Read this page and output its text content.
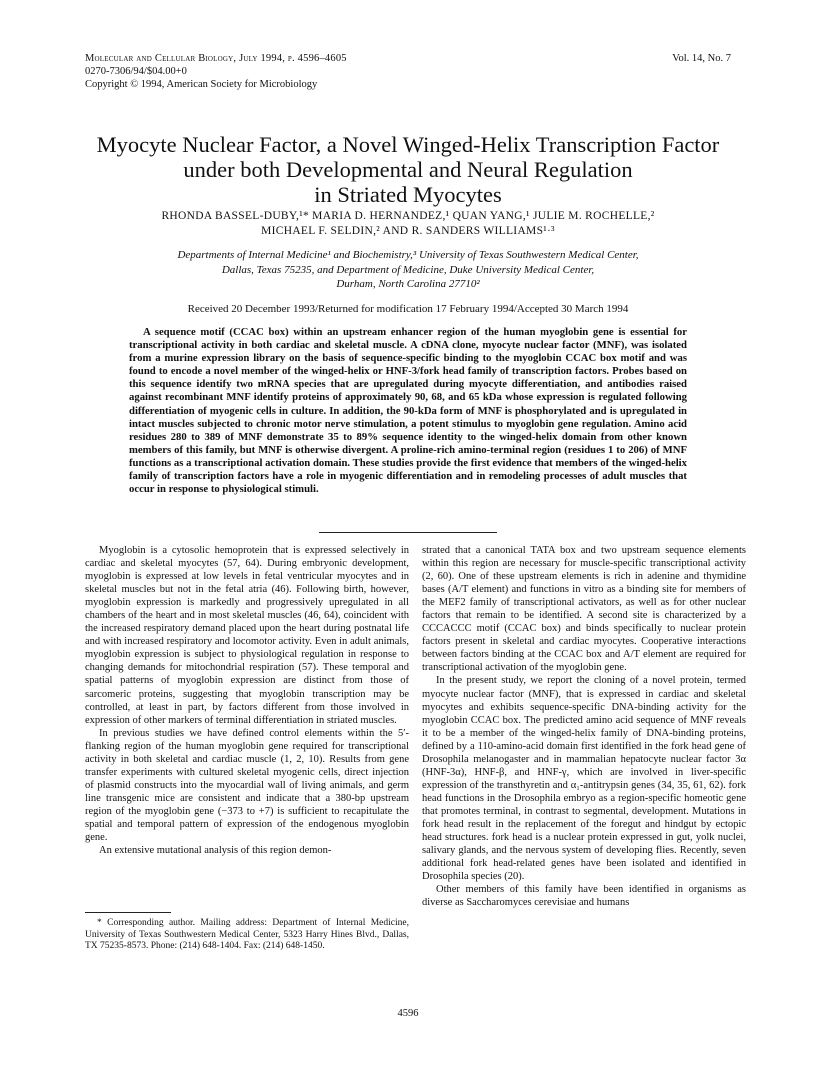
Molecular and Cellular Biology, July 1994, p. 4596–4605
0270-7306/94/$04.00+0
Copyright © 1994, American Society for Microbiology
Vol. 14, No. 7
Myocyte Nuclear Factor, a Novel Winged-Helix Transcription Factor
under both Developmental and Neural Regulation
in Striated Myocytes
RHONDA BASSEL-DUBY,¹* MARIA D. HERNANDEZ,¹ QUAN YANG,¹ JULIE M. ROCHELLE,²
MICHAEL F. SELDIN,² AND R. SANDERS WILLIAMS¹·³
Departments of Internal Medicine¹ and Biochemistry,³ University of Texas Southwestern Medical Center,
Dallas, Texas 75235, and Department of Medicine, Duke University Medical Center,
Durham, North Carolina 27710²
Received 20 December 1993/Returned for modification 17 February 1994/Accepted 30 March 1994
A sequence motif (CCAC box) within an upstream enhancer region of the human myoglobin gene is essential for transcriptional activity in both cardiac and skeletal muscle. A cDNA clone, myocyte nuclear factor (MNF), was isolated from a murine expression library on the basis of sequence-specific binding to the myoglobin CCAC box motif and was found to encode a novel member of the winged-helix or HNF-3/fork head family of transcription factors. Probes based on this sequence identify two mRNA species that are upregulated during myocyte differentiation, and antibodies raised against recombinant MNF identify proteins of approximately 90, 68, and 65 kDa whose expression is regulated following differentiation of myogenic cells in culture. In addition, the 90-kDa form of MNF is phosphorylated and is upregulated in intact muscles subjected to chronic motor nerve stimulation, a potent stimulus to myoglobin gene regulation. Amino acid residues 280 to 389 of MNF demonstrate 35 to 89% sequence identity to the winged-helix domain from other known members of this family, but MNF is otherwise divergent. A proline-rich amino-terminal region (residues 1 to 206) of MNF functions as a transcriptional activation domain. These studies provide the first evidence that members of the winged-helix family of transcription factors have a role in myogenic differentiation and in remodeling processes of adult muscles that occur in response to physiological stimuli.

Myoglobin is a cytosolic hemoprotein that is expressed selectively in cardiac and skeletal myocytes (57, 64). During embryonic development, myoglobin is expressed at low levels in fetal ventricular myocytes and in skeletal muscles but not in the fetal atria (46). Following birth, however, myoglobin expression is markedly and progressively upregulated in all chambers of the heart and in most skeletal muscles (46, 64), coincident with the increased respiratory demand placed upon the heart during postnatal life and with increased respiratory and locomotor activity. Even in adult animals, myoglobin expression is subject to physiological regulation in response to changing demands for mitochondrial respiration (57). These temporal and spatial patterns of myoglobin expression are distinct from those of sarcomeric proteins, suggesting that myoglobin transcription may be controlled, at least in part, by factors different from those involved in expression of other markers of terminal differentiation in striated muscles.

In previous studies we have defined control elements within the 5′-flanking region of the human myoglobin gene required for transcriptional activity in both skeletal and cardiac muscle (1, 2, 10). Results from gene transfer experiments with cultured skeletal myogenic cells, direct injection of plasmid constructs into the myocardial wall of living animals, and germ line transgenic mice are consistent and indicate that a 380-bp upstream region of the myoglobin gene (−373 to +7) is sufficient to recapitulate the spatial and temporal pattern of expression of the endogenous myoglobin gene.

An extensive mutational analysis of this region demon-

strated that a canonical TATA box and two upstream sequence elements within this region are necessary for muscle-specific transcriptional activity (2, 60). One of these upstream elements is rich in adenine and thymidine bases (A/T element) and functions in vitro as a binding site for members of the MEF2 family of transcriptional activators, as well as for other nuclear factors that remain to be identified. A second site is characterized by a CCCACCC motif (CCAC box) and binds specifically to nuclear protein factors present in skeletal and cardiac myocytes. Cooperative interactions between factors binding at the CCAC box and A/T element are required for transcriptional activation of the myoglobin gene.

In the present study, we report the cloning of a novel protein, termed myocyte nuclear factor (MNF), that is expressed in cardiac and skeletal myocytes and exhibits sequence-specific DNA-binding activity for the myoglobin CCAC box. The predicted amino acid sequence of MNF reveals it to be a member of the winged-helix family of DNA-binding proteins, defined by a 110-amino-acid domain first identified in the fork head gene of Drosophila melanogaster and in mammalian hepatocyte nuclear factor 3α (HNF-3α), HNF-β, and HNF-γ, which are involved in liver-specific expression of the transthyretin and α₁-antitrypsin genes (34, 35, 61, 62). fork head functions in the Drosophila embryo as a region-specific homeotic gene that promotes terminal, in contrast to segmental, development. Mutations in fork head result in the replacement of the foregut and hindgut by ectopic head structures. fork head is a nuclear protein expressed in gut, yolk nuclei, salivary glands, and the nervous system of developing flies. Recently, seven additional fork head-related genes have been isolated and identified in Drosophila species (20).

Other members of this family have been identified in organisms as diverse as Saccharomyces cerevisiae and humans

* Corresponding author. Mailing address: Department of Internal Medicine, University of Texas Southwestern Medical Center, 5323 Harry Hines Blvd., Dallas, TX 75235-8573. Phone: (214) 648-1404. Fax: (214) 648-1450.
4596
